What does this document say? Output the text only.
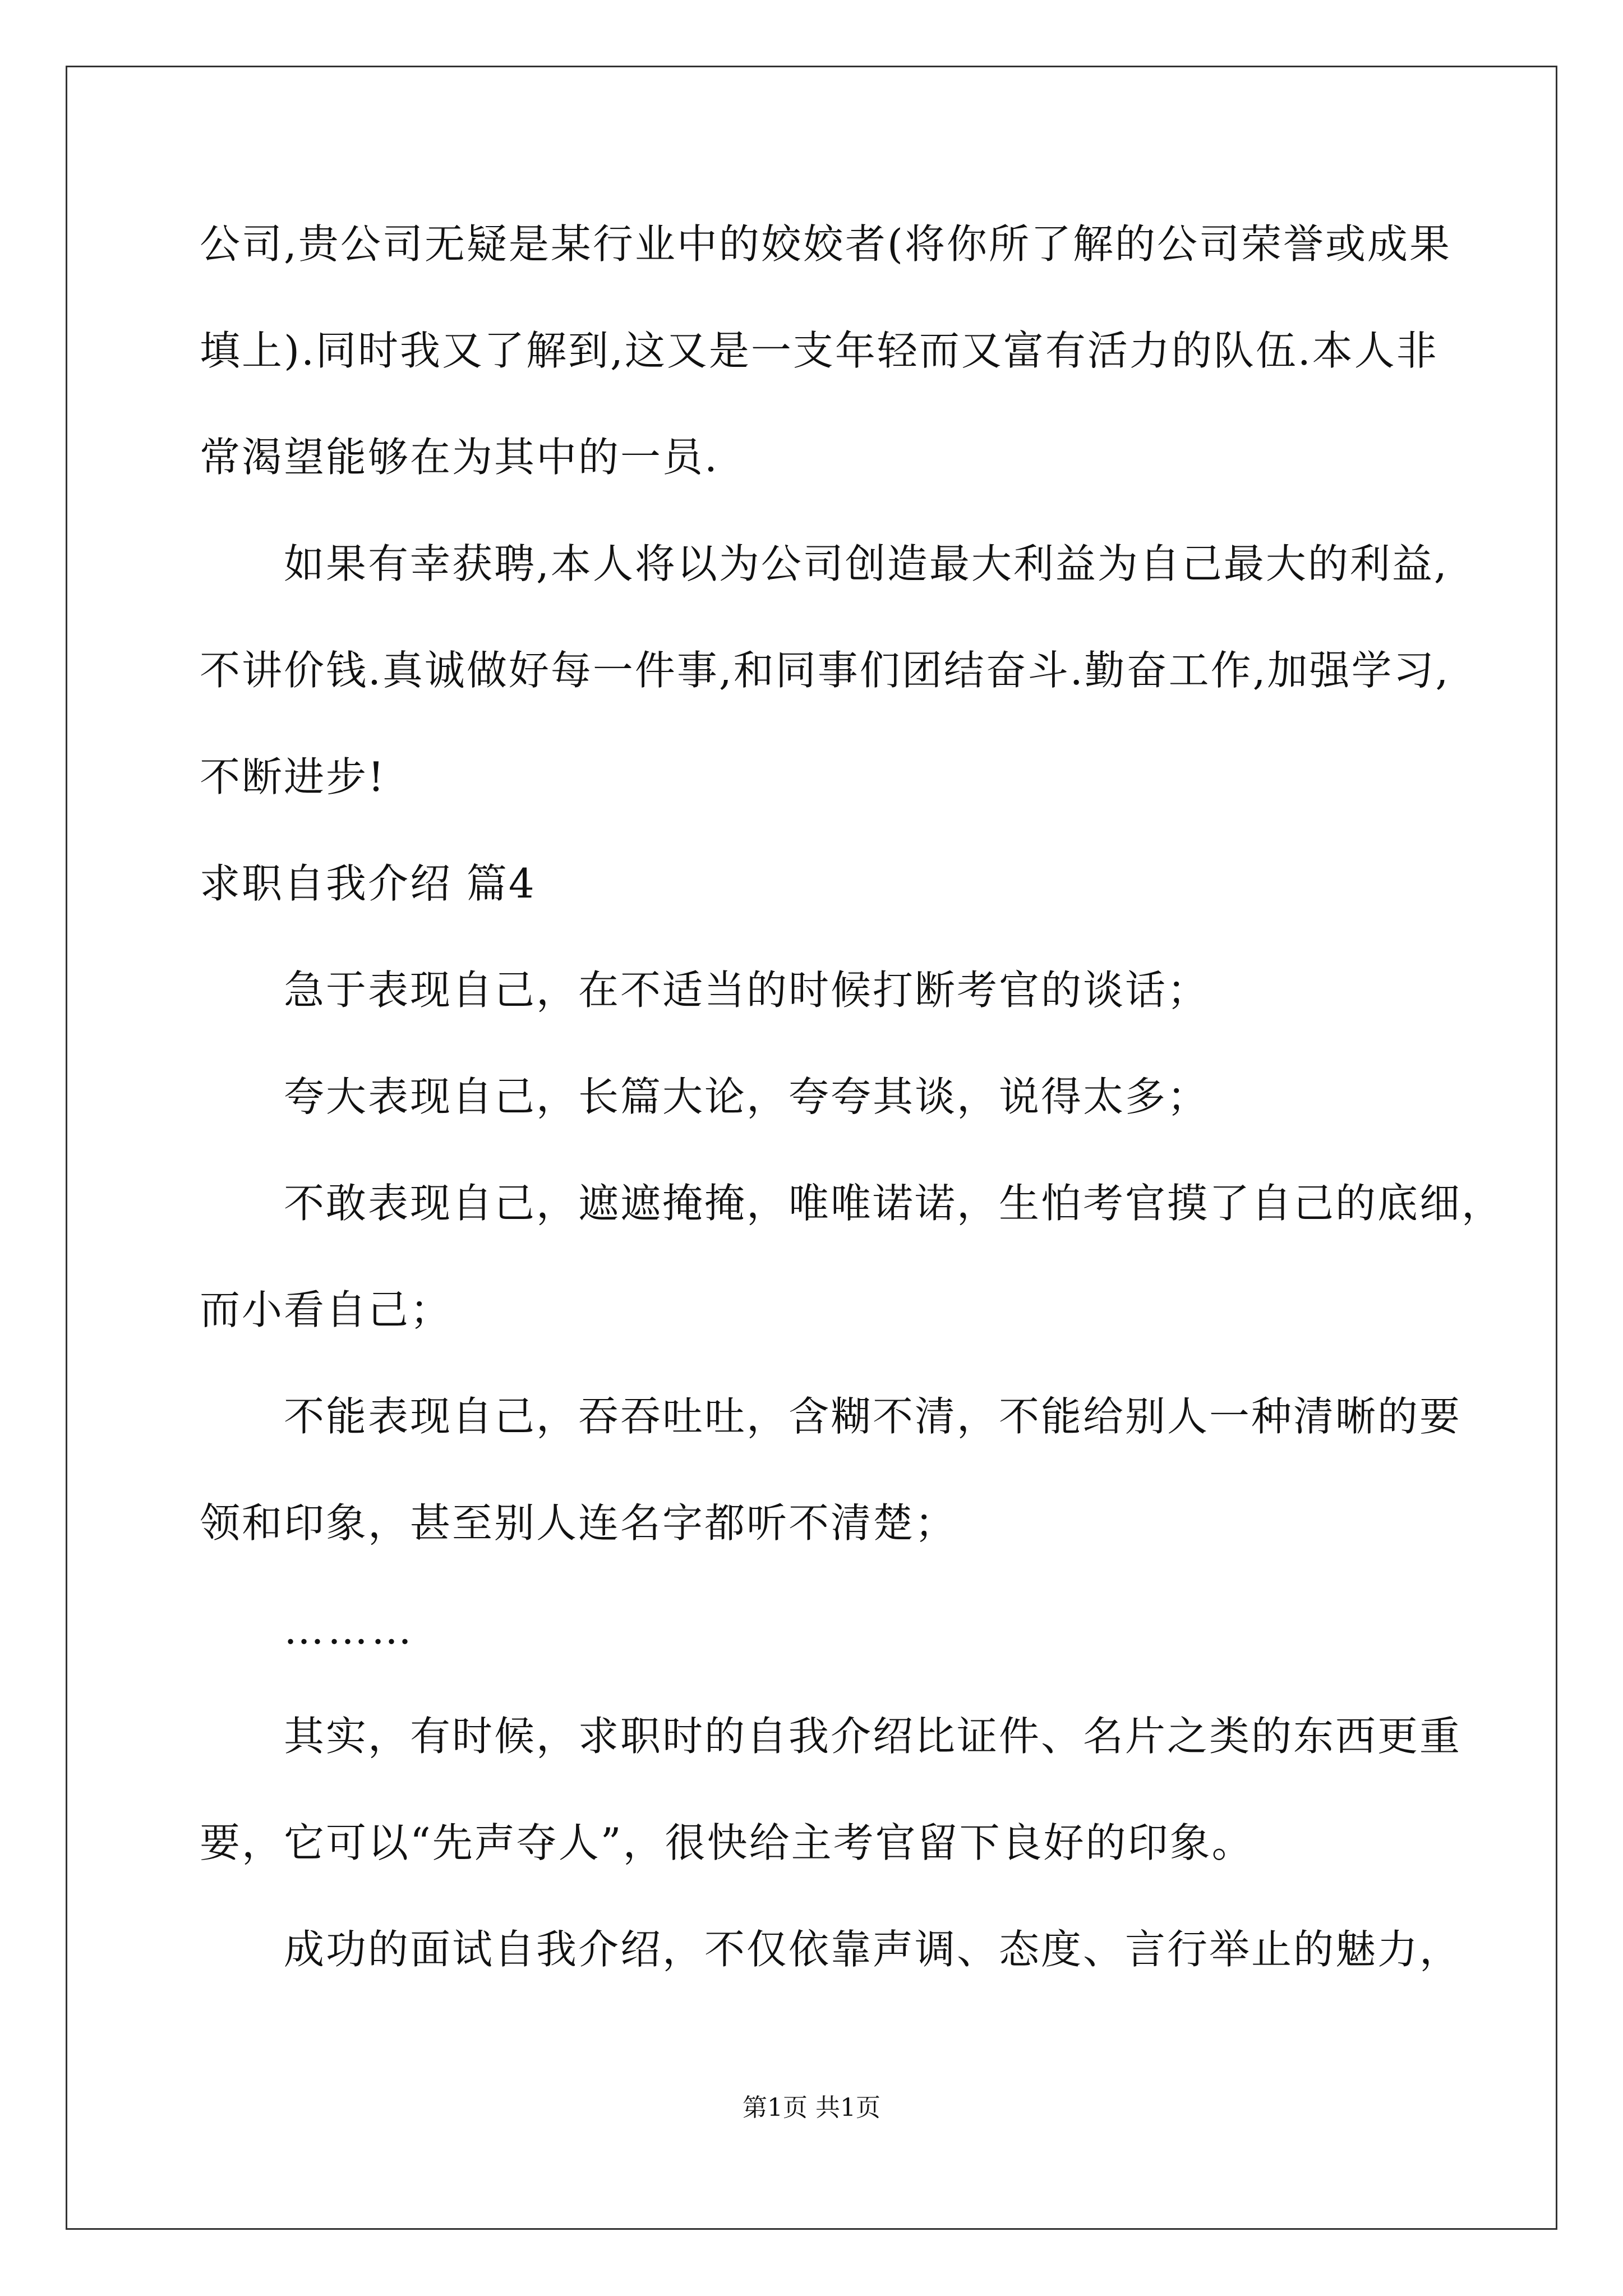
公司,贵公司无疑是某行业中的姣姣者(将你所了解的公司荣誉或成果
填上).同时我又了解到,这又是一支年轻而又富有活力的队伍.本人非
常渴望能够在为其中的一员.
如果有幸获聘,本人将以为公司创造最大利益为自己最大的利益,
不讲价钱.真诚做好每一件事,和同事们团结奋斗.勤奋工作,加强学习,
不断进步!
求职自我介绍 篇4
急于表现自己，在不适当的时候打断考官的谈话；
夸大表现自己，长篇大论，夸夸其谈，说得太多；
不敢表现自己，遮遮掩掩，唯唯诺诺，生怕考官摸了自己的底细，
而小看自己；
不能表现自己，吞吞吐吐，含糊不清，不能给别人一种清晰的要
领和印象，甚至别人连名字都听不清楚；
………
其实，有时候，求职时的自我介绍比证件、名片之类的东西更重
要，它可以“先声夺人”，很快给主考官留下良好的印象。
成功的面试自我介绍，不仅依靠声调、态度、言行举止的魅力，
第1页 共1页
